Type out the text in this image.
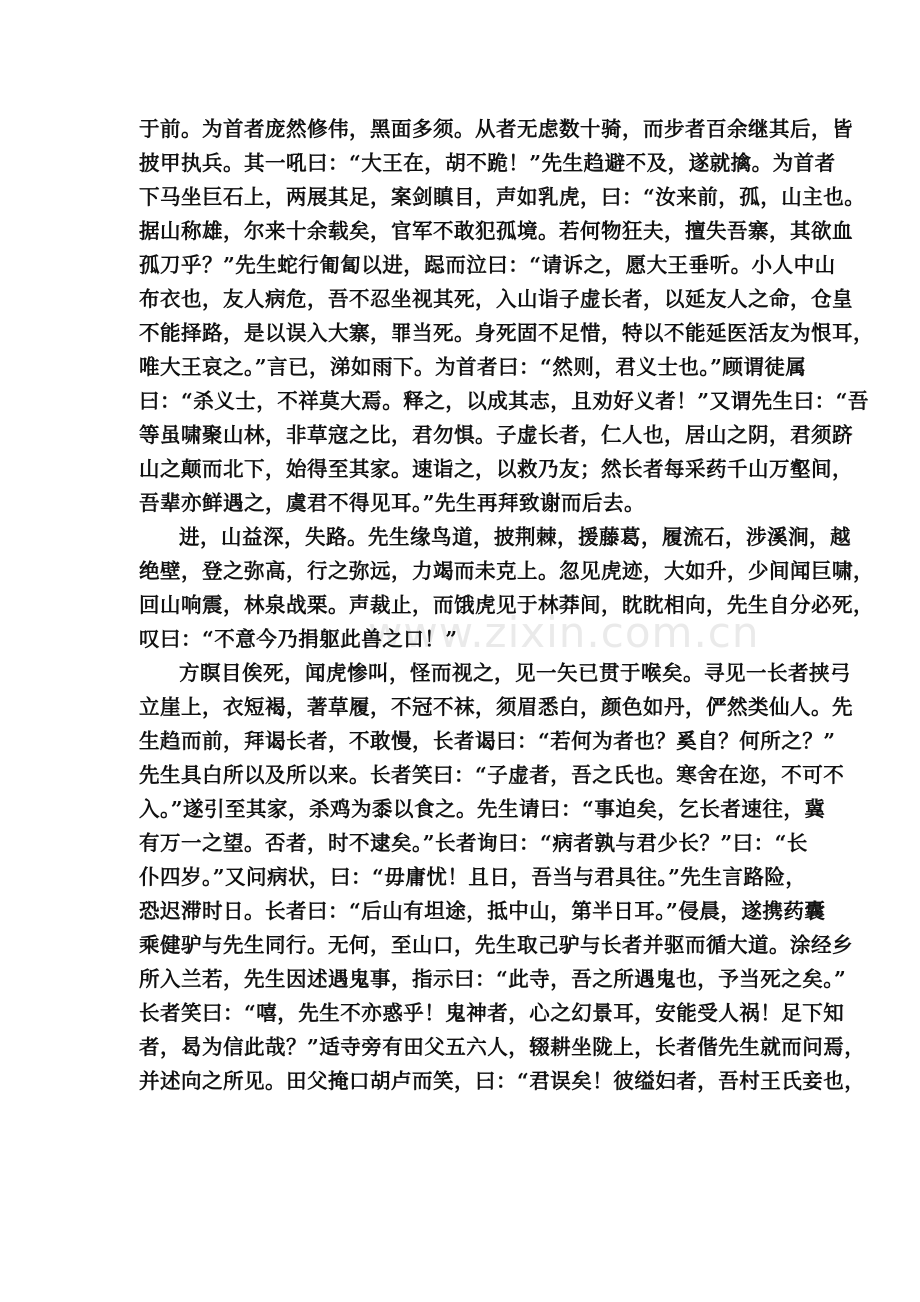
www.zixin.com.cn
于前。为首者庞然修伟，黑面多须。从者无虑数十骑，而步者百余继其后，皆
披甲执兵。其一吼曰：“大王在，胡不跪！”先生趋避不及，遂就擒。为首者
下马坐巨石上，两展其足，案剑瞋目，声如乳虎，曰：“汝来前，孤，山主也。
据山称雄，尔来十余载矣，官军不敢犯孤境。若何物狂夫，擅失吾寨，其欲血
孤刀乎？”先生蛇行匍匐以进，跽而泣曰：“请诉之，愿大王垂听。小人中山
布衣也，友人病危，吾不忍坐视其死，入山诣子虚长者，以延友人之命，仓皇
不能择路，是以误入大寨，罪当死。身死固不足惜，特以不能延医活友为恨耳，
唯大王哀之。”言已，涕如雨下。为首者曰：“然则，君义士也。”顾谓徒属
曰：“杀义士，不祥莫大焉。释之，以成其志，且劝好义者！”又谓先生曰：“吾
等虽啸聚山林，非草寇之比，君勿惧。子虚长者，仁人也，居山之阴，君须跻
山之颠而北下，始得至其家。速诣之，以救乃友；然长者每采药千山万壑间，
吾辈亦鲜遇之，虞君不得见耳。”先生再拜致谢而后去。
进，山益深，失路。先生缘鸟道，披荆棘，援藤葛，履流石，涉溪涧，越
绝壁，登之弥高，行之弥远，力竭而未克上。忽见虎迹，大如升，少间闻巨啸，
回山响震，林泉战栗。声裁止，而饿虎见于林莽间，眈眈相向，先生自分必死，
叹曰：“不意今乃捐躯此兽之口！”
方瞑目俟死，闻虎惨叫，怪而视之，见一矢已贯于喉矣。寻见一长者挟弓
立崖上，衣短褐，著草履，不冠不袜，须眉悉白，颜色如丹，俨然类仙人。先
生趋而前，拜谒长者，不敢慢，长者谒曰：“若何为者也？奚自？何所之？”
先生具白所以及所以来。长者笑曰：“子虚者，吾之氏也。寒舍在迩，不可不
入。”遂引至其家，杀鸡为黍以食之。先生请曰：“事迫矣，乞长者速往，冀
有万一之望。否者，时不逮矣。”长者询曰：“病者孰与君少长？”曰：“长
仆四岁。”又问病状，曰：“毋庸忧！且日，吾当与君具往。”先生言路险，
恐迟滞时日。长者曰：“后山有坦途，抵中山，第半日耳。”侵晨，遂携药囊
乘健驴与先生同行。无何，至山口，先生取己驴与长者并驱而循大道。涂经乡
所入兰若，先生因述遇鬼事，指示曰：“此寺，吾之所遇鬼也，予当死之矣。”
长者笑曰：“嘻，先生不亦惑乎！鬼神者，心之幻景耳，安能受人祸！足下知
者，曷为信此哉？”适寺旁有田父五六人，辍耕坐陇上，长者偕先生就而问焉，
并述向之所见。田父掩口胡卢而笑，曰：“君误矣！彼缢妇者，吾村王氏妾也，
